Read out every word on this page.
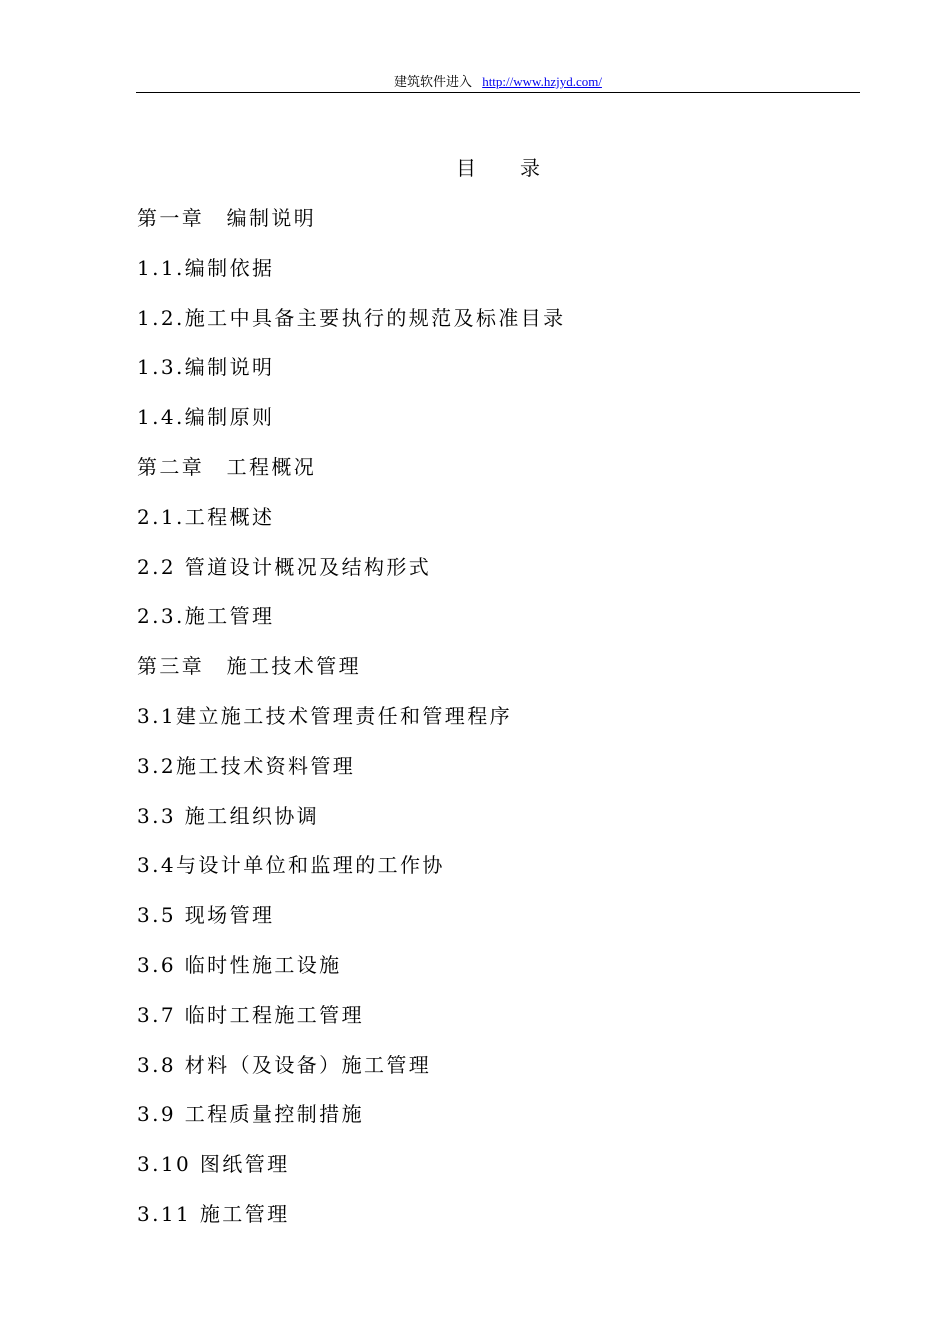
建筑软件进入 http://www.hzjyd.com/
目录
第一章　编制说明
1.1.编制依据
1.2.施工中具备主要执行的规范及标准目录
1.3.编制说明
1.4.编制原则
第二章　工程概况
2.1.工程概述
2.2 管道设计概况及结构形式
2.3.施工管理
第三章　施工技术管理
3.1建立施工技术管理责任和管理程序
3.2施工技术资料管理
3.3 施工组织协调
3.4与设计单位和监理的工作协
3.5 现场管理
3.6 临时性施工设施
3.7 临时工程施工管理
3.8 材料（及设备）施工管理
3.9 工程质量控制措施
3.10 图纸管理
3.11 施工管理
